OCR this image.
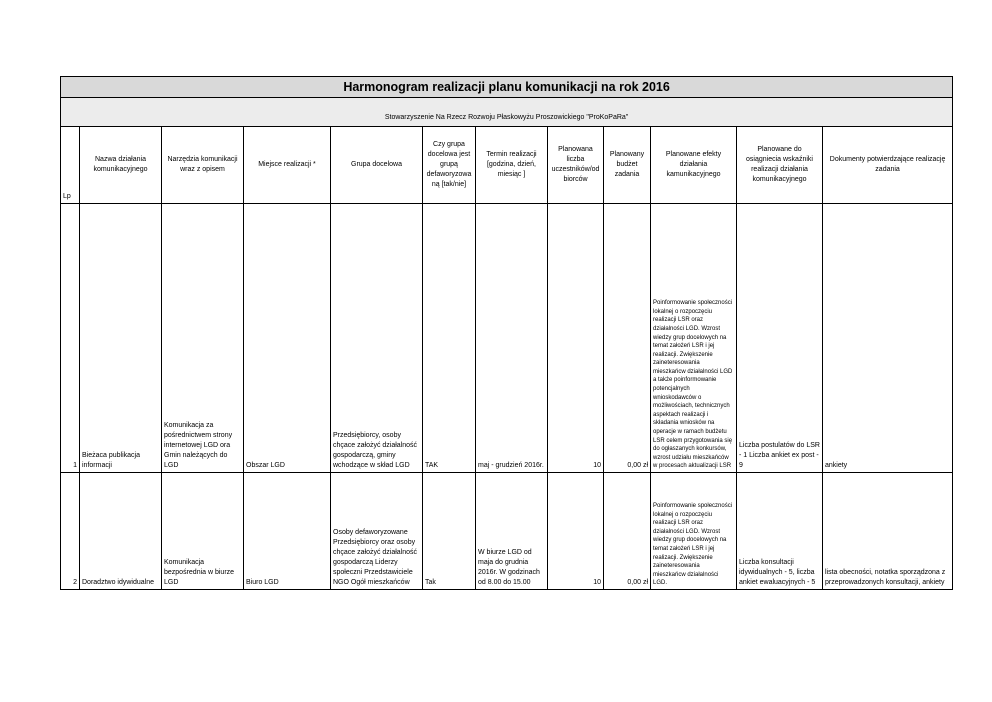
Harmonogram realizacji planu komunikacji na rok 2016											
Stowarzyszenie Na Rzecz Rozwoju Płaskowyżu Proszowickiego "ProKoPaRa"											
Lp	Nazwa działania komunikacyjnego	Narzędzia komunikacji wraz z opisem	Miejsce realizacji *	Grupa docelowa	Czy grupa docelowa jest grupą defaworyzowaną [tak/nie]	Termin realizacji [godzina, dzień, miesiąc ]	Planowana liczba uczestników/odbiorców	Planowany budżet zadania	Planowane efekty działania kamunikacyjnego	Planowane do osiągniecia wskaźniki realizacji działania komunikacyjnego	Dokumenty potwierdzające realizację zadania
1	Bieżaca publikacja informacji	Komunikacja za pośrednictwem strony internetowej LGD ora Gmin należących do LGD	Obszar LGD	Przedsiębiorcy, osoby chçace założyć działalność gospodarczą, gminy wchodzące w skład LGD	TAK	maj - grudzień 2016r.	10	0,00 zł	Poinformowanie społeczności lokalnej o rozpoczęciu realizacji LSR oraz działalności LGD. Wzrost wiedzy grup docelowych na temat założeń LSR i jej realizacji. Zwiększenie zaineteresowania mieszkańcw działalności LGD a także poinformowanie potencjalnych wnioskodawców o możliwościach, technicznych aspektach realizacji i składania wniosków na operacje w ramach budżetu LSR celem przygotowania się do ogłaszanych konkursów, wzrost udziału mieszkańców w procesach aktualizacji LSR	Liczba postulatów do LSR - 1 Liczba ankiet ex post - 9	ankiety
2	Doradztwo idywidualne	Komunikacja bezpośrednia w biurze LGD	Biuro LGD	Osoby defaworyzowane Przedsiębiorcy oraz osoby chçace założyć działalność gospodarczą Liderzy społeczni Przedstawiciele NGO Ogół mieszkańców	Tak	W biurze LGD od maja do grudnia 2016r. W godzinach od 8.00 do 15.00	10	0,00 zł	Poinformowanie społeczności lokalnej o rozpoczęciu realizacji LSR oraz działalności LGD. Wzrost wiedzy grup docelowych na temat założeń LSR i jej realizacji. Zwiększenie zaineteresowania mieszkańcw działalności LGD.	Liczba konsultacji idywidualnych - 5, liczba ankiet ewaluacyjnych - 5	lista obecności, notatka sporządzona z przeprowadzonych konsultacji, ankiety
